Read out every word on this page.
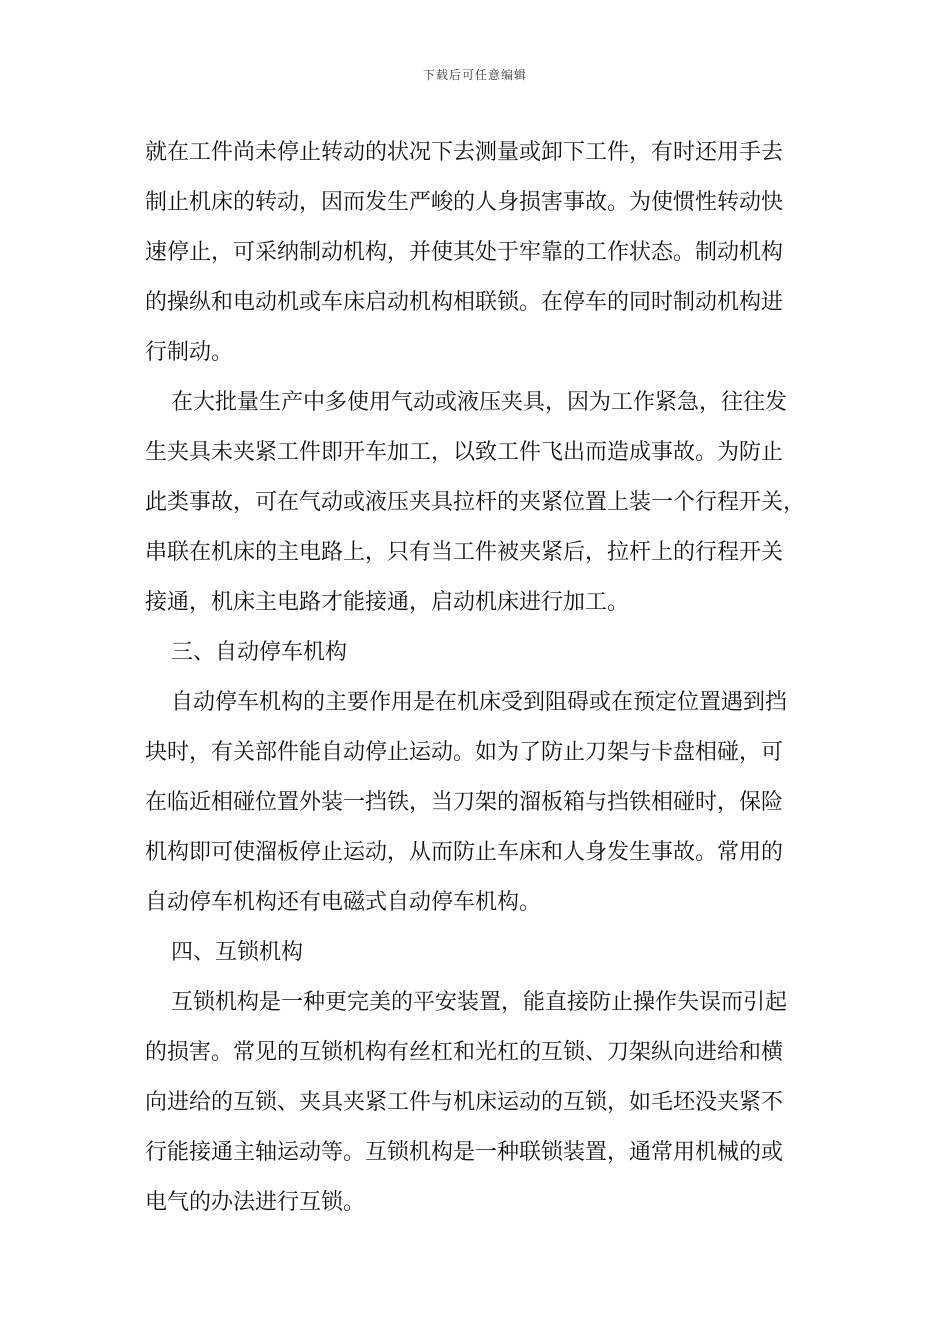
下载后可任意编辑
就在工件尚未停止转动的状况下去测量或卸下工件，有时还用手去
制止机床的转动，因而发生严峻的人身损害事故。为使惯性转动快
速停止，可采纳制动机构，并使其处于牢靠的工作状态。制动机构
的操纵和电动机或车床启动机构相联锁。在停车的同时制动机构进
行制动。
在大批量生产中多使用气动或液压夹具，因为工作紧急，往往发
生夹具未夹紧工件即开车加工，以致工件飞出而造成事故。为防止
此类事故，可在气动或液压夹具拉杆的夹紧位置上装一个行程开关，
串联在机床的主电路上，只有当工件被夹紧后，拉杆上的行程开关
接通，机床主电路才能接通，启动机床进行加工。
三、自动停车机构
自动停车机构的主要作用是在机床受到阻碍或在预定位置遇到挡
块时，有关部件能自动停止运动。如为了防止刀架与卡盘相碰，可
在临近相碰位置外装一挡铁，当刀架的溜板箱与挡铁相碰时，保险
机构即可使溜板停止运动，从而防止车床和人身发生事故。常用的
自动停车机构还有电磁式自动停车机构。
四、互锁机构
互锁机构是一种更完美的平安装置，能直接防止操作失误而引起
的损害。常见的互锁机构有丝杠和光杠的互锁、刀架纵向进给和横
向进给的互锁、夹具夹紧工件与机床运动的互锁，如毛坯没夹紧不
行能接通主轴运动等。互锁机构是一种联锁装置，通常用机械的或
电气的办法进行互锁。
